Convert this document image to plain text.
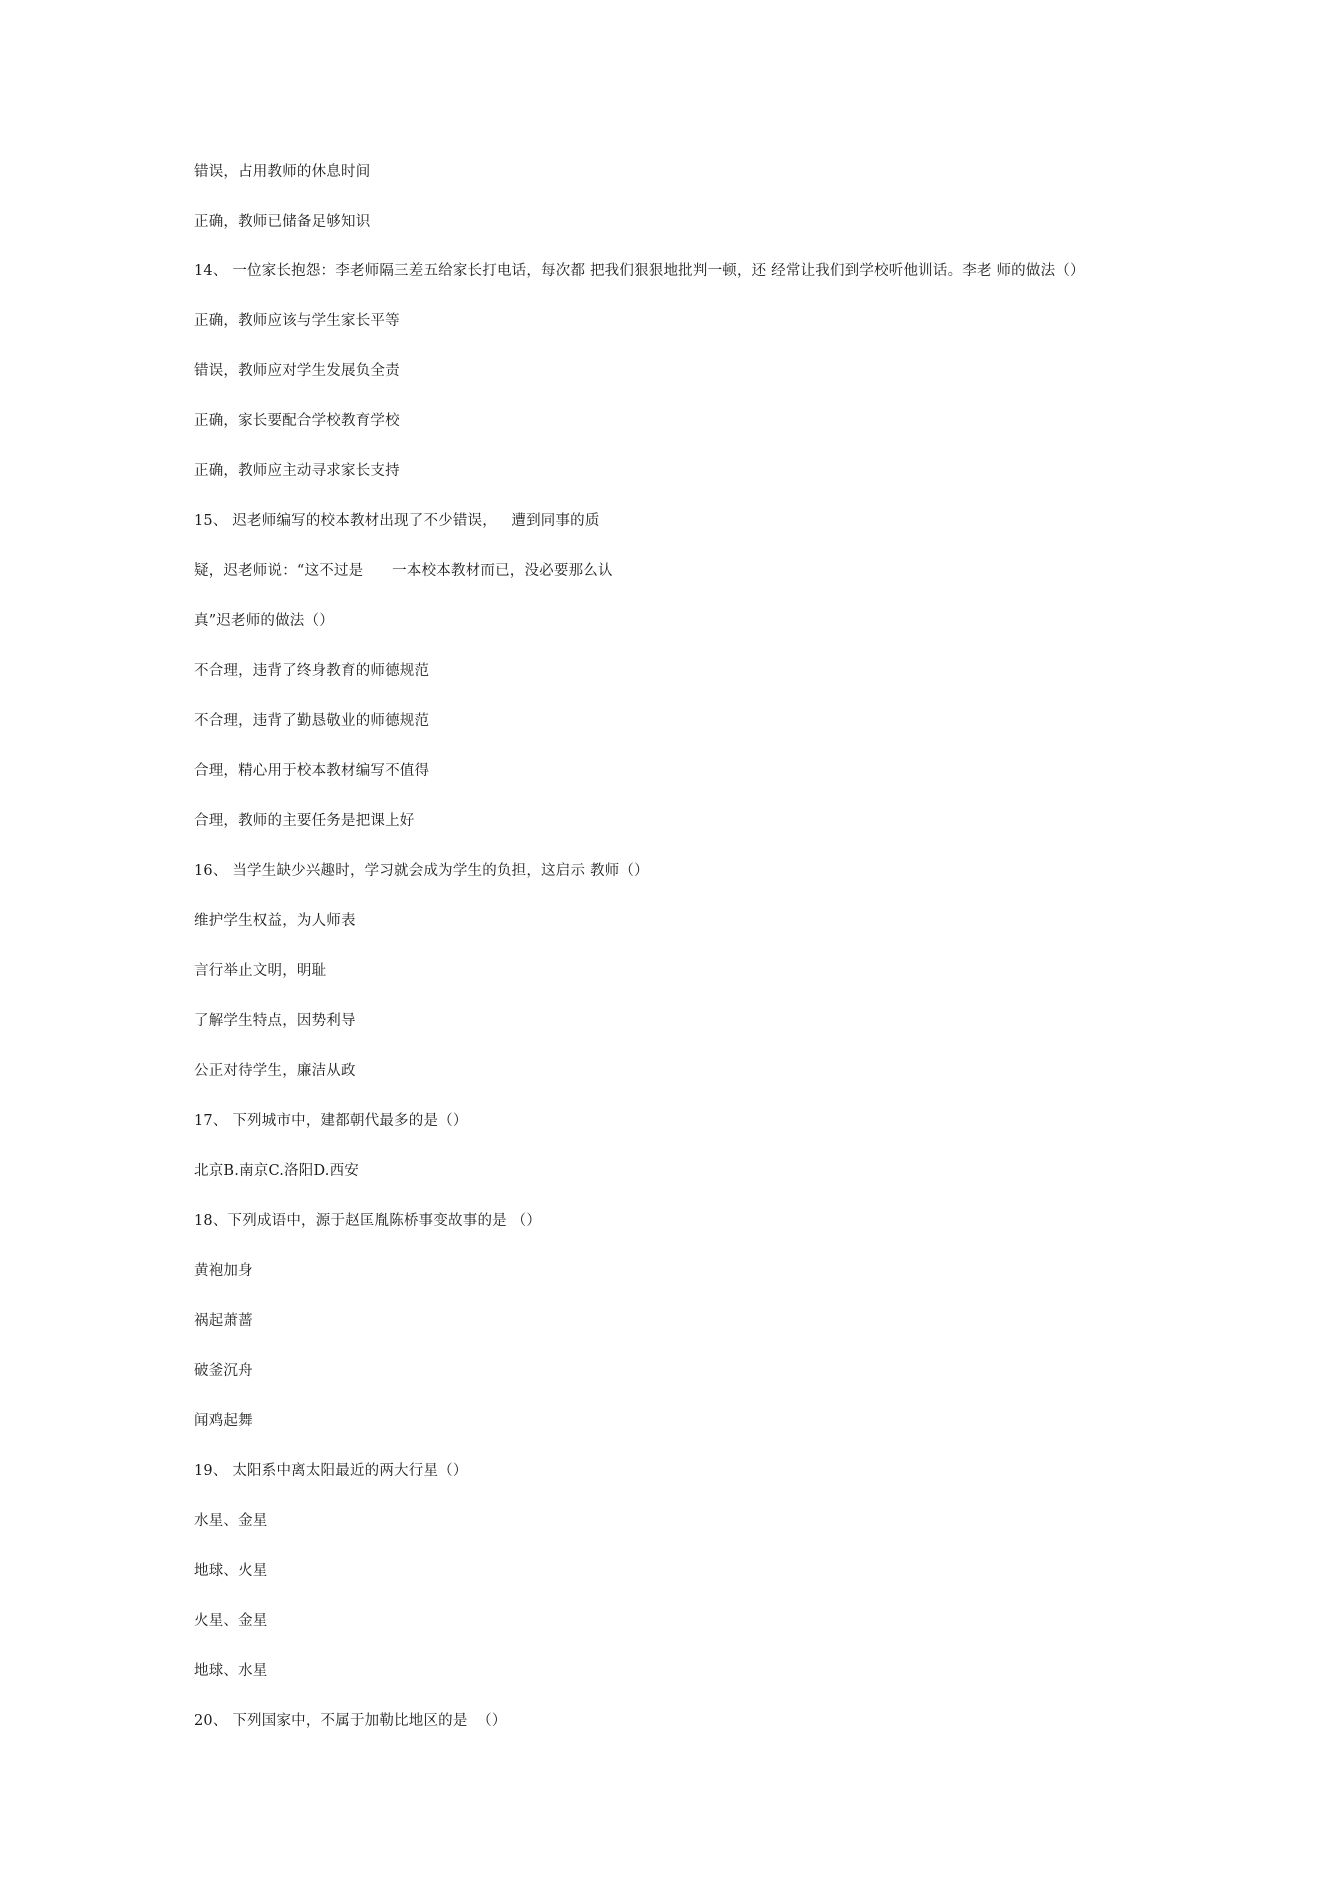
错误，占用教师的休息时间
正确，教师已储备足够知识
14、 一位家长抱怨：李老师隔三差五给家长打电话，每次都 把我们狠狠地批判一顿，还 经常让我们到学校听他训话。李老 师的做法（）
正确，教师应该与学生家长平等
错误，教师应对学生发展负全责
正确，家长要配合学校教育学校
正确，教师应主动寻求家长支持
15、 迟老师编写的校本教材出现了不少错误，   遭到同事的质
疑，迟老师说：“这不过是      一本校本教材而已，没必要那么认
真”迟老师的做法（）
不合理，违背了终身教育的师德规范
不合理，违背了勤恳敬业的师德规范
合理，精心用于校本教材编写不值得
合理，教师的主要任务是把课上好
16、 当学生缺少兴趣时，学习就会成为学生的负担，这启示 教师（）
维护学生权益，为人师表
言行举止文明，明耻
了解学生特点，因势利导
公正对待学生，廉洁从政
17、 下列城市中，建都朝代最多的是（）
北京B.南京C.洛阳D.西安
18、下列成语中，源于赵匡胤陈桥事变故事的是 （）
黄袍加身
祸起萧蔷
破釜沉舟
闻鸡起舞
19、 太阳系中离太阳最近的两大行星（）
水星、金星
地球、火星
火星、金星
地球、水星
20、 下列国家中，不属于加勒比地区的是  （）
